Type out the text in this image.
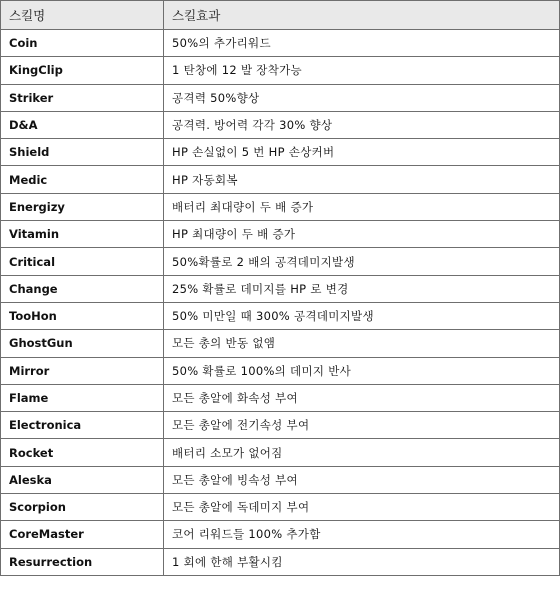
스킬명	스킬효과
Coin	50%의 추가리워드
KingClip	1 탄창에 12 발 장착가능
Striker	공격력 50%향상
D&A	공격력. 방어력 각각 30% 향상
Shield	HP 손실없이 5 번 HP 손상커버
Medic	HP 자동회복
Energizy	배터리 최대량이 두 배 증가
Vitamin	HP 최대량이 두 배 증가
Critical	50%확률로 2 배의 공격데미지발생
Change	25% 확률로 데미지를 HP 로 변경
TooHon	50% 미만일 때 300% 공격데미지발생
GhostGun	모든 총의 반동 없앰
Mirror	50% 확률로 100%의 데미지 반사
Flame	모든 총알에 화속성 부여
Electronica	모든 총알에 전기속성 부여
Rocket	배터리 소모가 없어짐
Aleska	모든 총알에 빙속성 부여
Scorpion	모든 총알에 독데미지 부여
CoreMaster	코어 리워드들 100% 추가함
Resurrection	1 회에 한해 부활시킴
